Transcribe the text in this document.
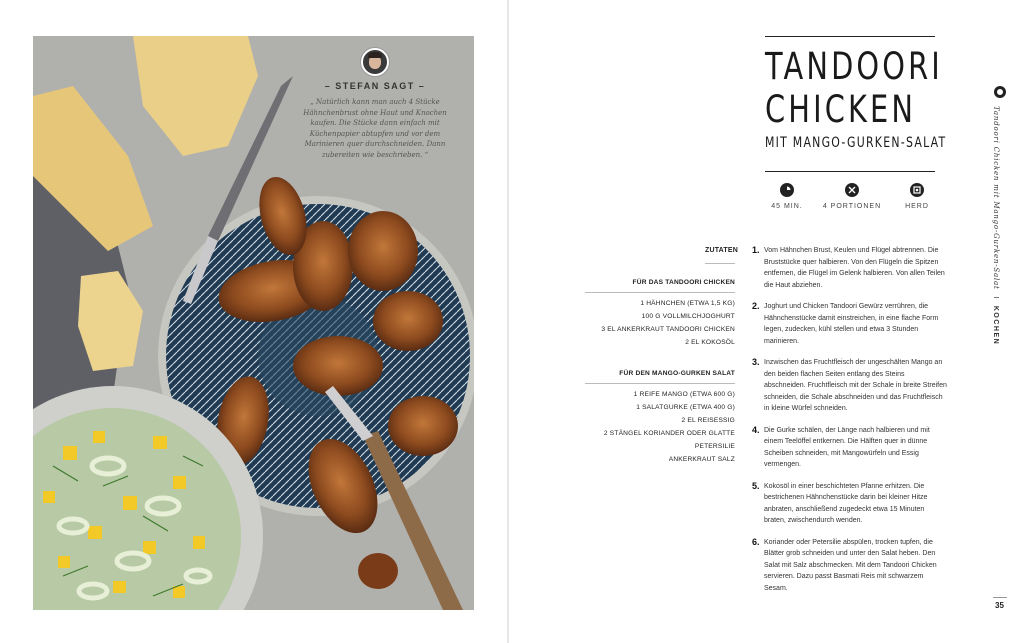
– STEFAN SAGT –
„ Natürlich kann man auch 4 Stücke Hähnchenbrust ohne Haut und Knochen kaufen. Die Stücke dann einfach mit Küchenpapier abtupfen und vor dem Marinieren quer durchschneiden. Dann zubereiten wie beschrieben. “
TANDOORI
CHICKEN
MIT MANGO-GURKEN-SALAT
45 MIN.	4 PORTIONEN	HERD
ZUTATEN
FÜR DAS TANDOORI CHICKEN
1 HÄHNCHEN (ETWA 1,5 KG)
100 G VOLLMILCHJOGHURT
3 EL ANKERKRAUT TANDOORI CHICKEN
2 EL KOKOSÖL
FÜR DEN MANGO-GURKEN SALAT
1 REIFE MANGO (ETWA 600 G)
1 SALATGURKE (ETWA 400 G)
2 EL REISESSIG
2 STÄNGEL KORIANDER ODER GLATTE PETERSILIE
ANKERKRAUT SALZ
1. Vom Hähnchen Brust, Keulen und Flügel abtrennen. Die Bruststücke quer halbieren. Von den Flügeln die Spitzen entfernen, die Flügel im Gelenk halbieren. Von allen Teilen die Haut abziehen.
2. Joghurt und Chicken Tandoori Gewürz verrühren, die Hähnchenstücke damit einstreichen, in eine flache Form legen, zudecken, kühl stellen und etwa 3 Stunden marinieren.
3. Inzwischen das Fruchtfleisch der ungeschälten Mango an den beiden flachen Seiten entlang des Steins abschneiden. Fruchtfleisch mit der Schale in breite Streifen schneiden, die Schale abschneiden und das Fruchtfleisch in kleine Würfel schneiden.
4. Die Gurke schälen, der Länge nach halbieren und mit einem Teelöffel entkernen. Die Hälften quer in dünne Scheiben schneiden, mit Mangowürfeln und Essig vermengen.
5. Kokosöl in einer beschichteten Pfanne erhitzen. Die bestrichenen Hähnchenstücke darin bei kleiner Hitze anbraten, anschließend zugedeckt etwa 15 Minuten braten, zwischendurch wenden.
6. Koriander oder Petersilie abspülen, trocken tupfen, die Blätter grob schneiden und unter den Salat heben. Den Salat mit Salz abschmecken. Mit dem Tandoori Chicken servieren. Dazu passt Basmati Reis mit schwarzem Sesam.
Tandoori Chicken mit Mango-Gurken-Salat I KOCHEN
35
